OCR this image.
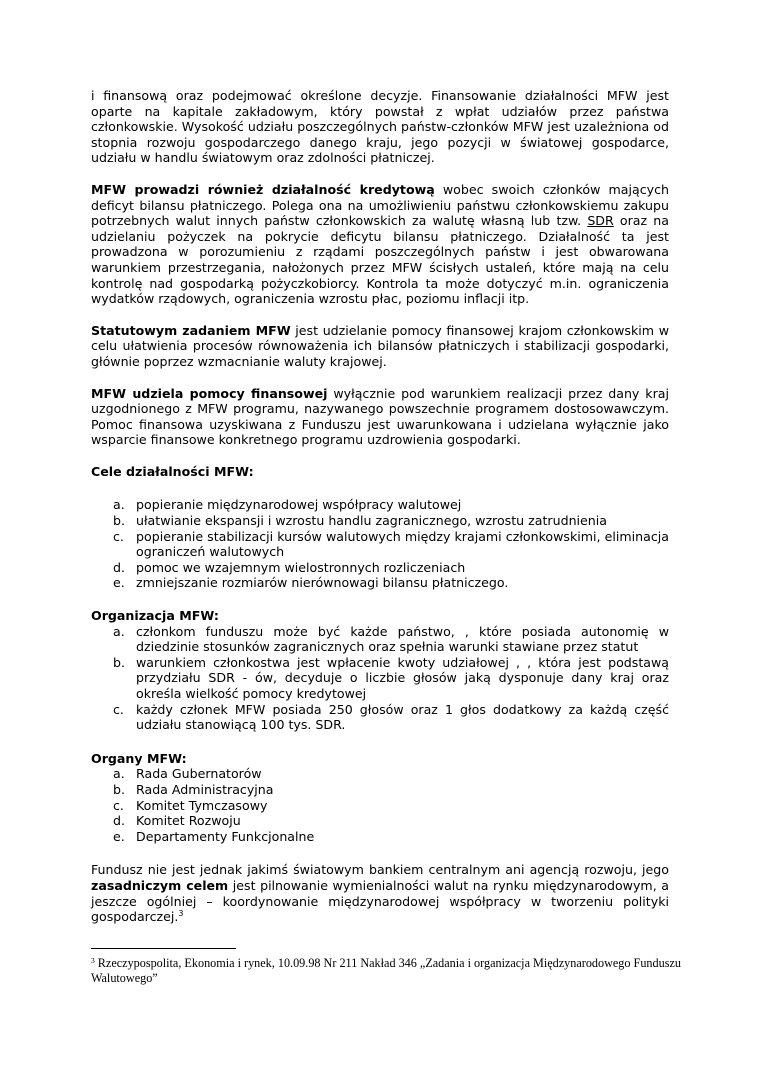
i finansową oraz podejmować określone decyzje. Finansowanie działalności MFW jest oparte na kapitale zakładowym, który powstał z wpłat udziałów przez państwa członkowskie. Wysokość udziału poszczególnych państw-członków MFW jest uzależniona od stopnia rozwoju gospodarczego danego kraju, jego pozycji w światowej gospodarce, udziału w handlu światowym oraz zdolności płatniczej.

MFW prowadzi również działalność kredytową wobec swoich członków mających deficyt bilansu płatniczego. Polega ona na umożliwieniu państwu członkowskiemu zakupu potrzebnych walut innych państw członkowskich za walutę własną lub tzw. SDR oraz na udzielaniu pożyczek na pokrycie deficytu bilansu płatniczego. Działalność ta jest prowadzona w porozumieniu z rządami poszczególnych państw i jest obwarowana warunkiem przestrzegania, nałożonych przez MFW ścisłych ustaleń, które mają na celu kontrolę nad gospodarką pożyczkobiorcy. Kontrola ta może dotyczyć m.in. ograniczenia wydatków rządowych, ograniczenia wzrostu płac, poziomu inflacji itp.

Statutowym zadaniem MFW jest udzielanie pomocy finansowej krajom członkowskim w celu ułatwienia procesów równoważenia ich bilansów płatniczych i stabilizacji gospodarki, głównie poprzez wzmacnianie waluty krajowej.

MFW udziela pomocy finansowej wyłącznie pod warunkiem realizacji przez dany kraj uzgodnionego z MFW programu, nazywanego powszechnie programem dostosowawczym. Pomoc finansowa uzyskiwana z Funduszu jest uwarunkowana i udzielana wyłącznie jako wsparcie finansowe konkretnego programu uzdrowienia gospodarki.

Cele działalności MFW:
a. popieranie międzynarodowej współpracy walutowej
b. ułatwianie ekspansji i wzrostu handlu zagranicznego, wzrostu zatrudnienia
c. popieranie stabilizacji kursów walutowych między krajami członkowskimi, eliminacja ograniczeń walutowych
d. pomoc we wzajemnym wielostronnych rozliczeniach
e. zmniejszanie rozmiarów nierównowagi bilansu płatniczego.
Organizacja MFW:
a. członkom funduszu może być każde państwo, , które posiada autonomię w dziedzinie stosunków zagranicznych oraz spełnia warunki stawiane przez statut
b. warunkiem członkostwa jest wpłacenie kwoty udziałowej , , która jest podstawą przydziału SDR - ów, decyduje o liczbie głosów jaką dysponuje dany kraj oraz określa wielkość pomocy kredytowej
c. każdy członek MFW posiada 250 głosów oraz 1 głos dodatkowy za każdą część udziału stanowiącą 100 tys. SDR.
Organy MFW:
a. Rada Gubernatorów
b. Rada Administracyjna
c. Komitet Tymczasowy
d. Komitet Rozwoju
e. Departamenty Funkcjonalne

Fundusz nie jest jednak jakimś światowym bankiem centralnym ani agencją rozwoju, jego zasadniczym celem jest pilnowanie wymienialności walut na rynku międzynarodowym, a jeszcze ogólniej – koordynowanie międzynarodowej współpracy w tworzeniu polityki gospodarczej.$^3$

$^3$ Rzeczypospolita, Ekonomia i rynek, 10.09.98 Nr 211 Nakład 346 „Zadania i organizacja Międzynarodowego Funduszu Walutowego”
